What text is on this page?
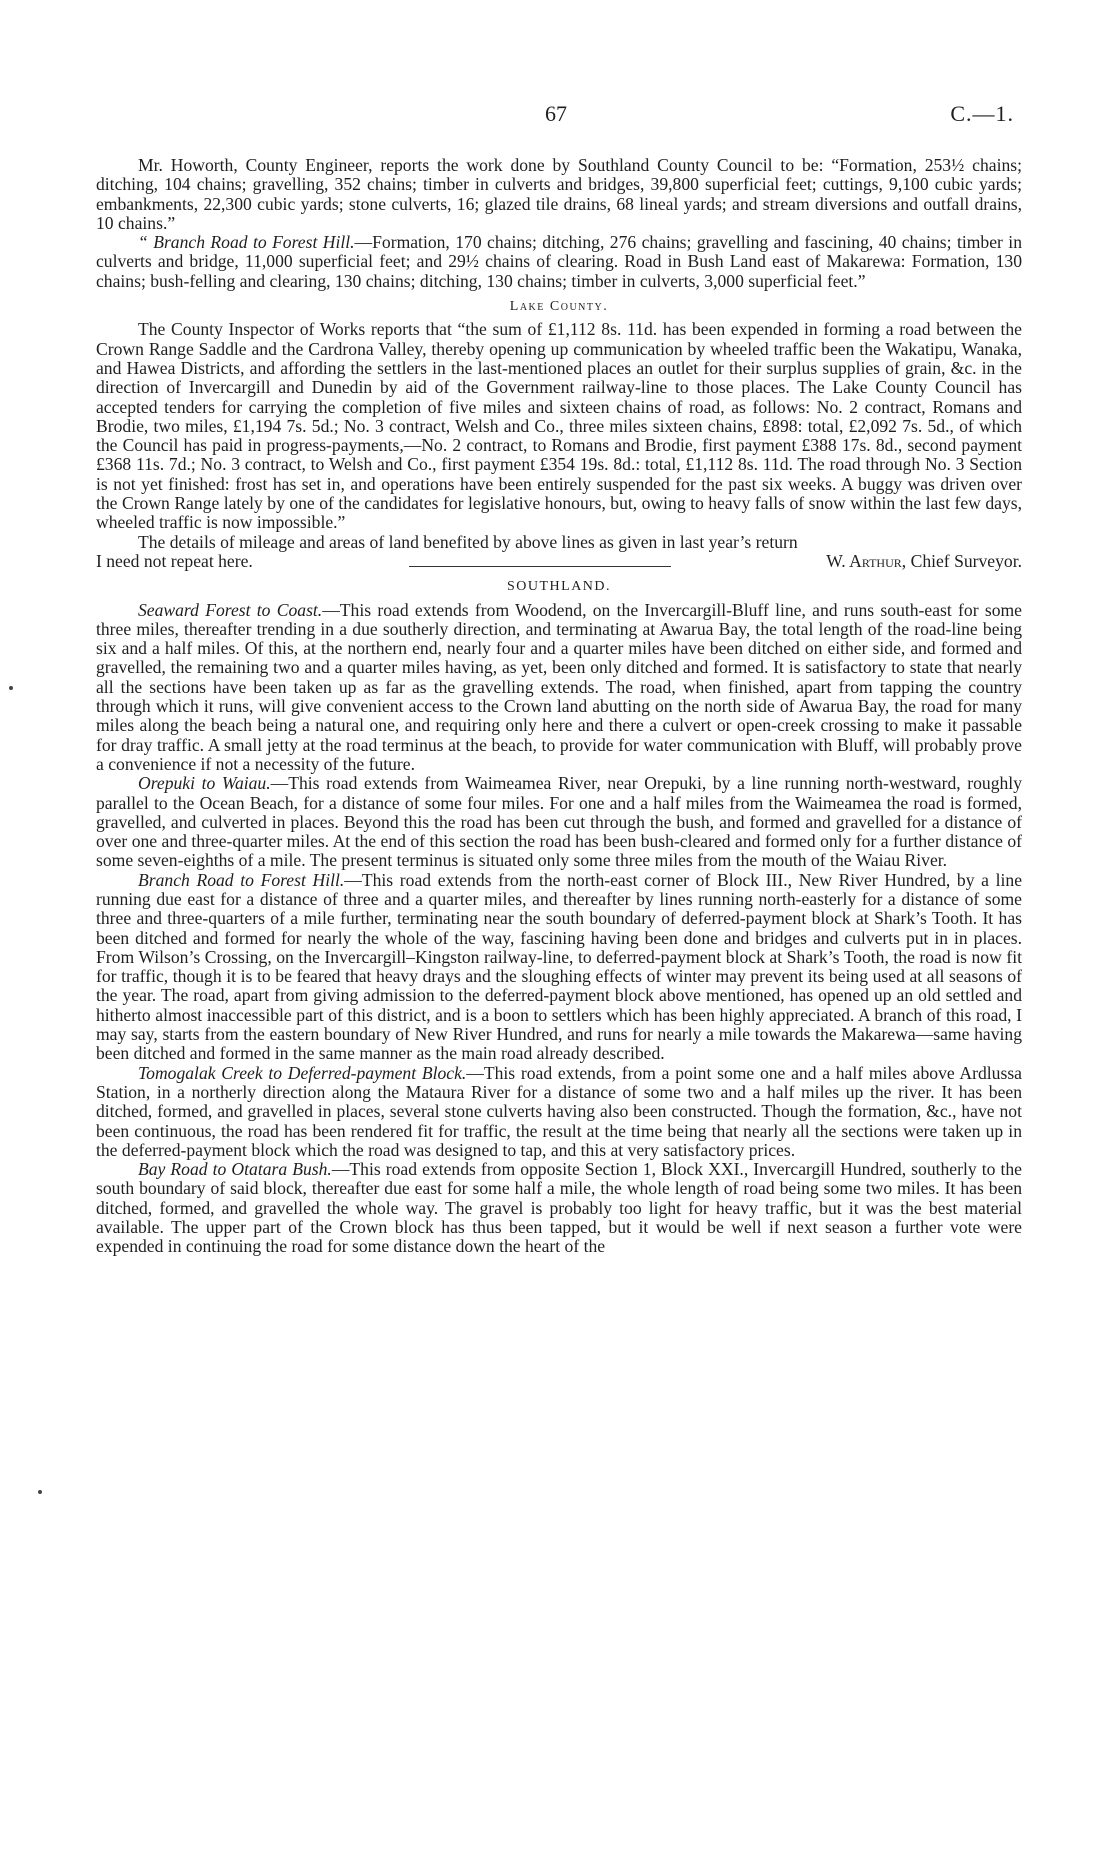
67	C.—1.

Mr. Howorth, County Engineer, reports the work done by Southland County Council to be: “Formation, 253½ chains; ditching, 104 chains; gravelling, 352 chains; timber in culverts and bridges, 39,800 superficial feet; cuttings, 9,100 cubic yards; embankments, 22,300 cubic yards; stone culverts, 16; glazed tile drains, 68 lineal yards; and stream diversions and outfall drains, 10 chains.”

“ Branch Road to Forest Hill.—Formation, 170 chains; ditching, 276 chains; gravelling and fascining, 40 chains; timber in culverts and bridge, 11,000 superficial feet; and 29½ chains of clearing. Road in Bush Land east of Makarewa: Formation, 130 chains; bush-felling and clearing, 130 chains; ditching, 130 chains; timber in culverts, 3,000 superficial feet.”

Lake County.

The County Inspector of Works reports that “the sum of £1,112 8s. 11d. has been expended in forming a road between the Crown Range Saddle and the Cardrona Valley, thereby opening up communication by wheeled traffic been the Wakatipu, Wanaka, and Hawea Districts, and affording the settlers in the last-mentioned places an outlet for their surplus supplies of grain, &c. in the direction of Invercargill and Dunedin by aid of the Government railway-line to those places. The Lake County Council has accepted tenders for carrying the completion of five miles and sixteen chains of road, as follows: No. 2 contract, Romans and Brodie, two miles, £1,194 7s. 5d.; No. 3 contract, Welsh and Co., three miles sixteen chains, £898: total, £2,092 7s. 5d., of which the Council has paid in progress-payments,—No. 2 contract, to Romans and Brodie, first payment £388 17s. 8d., second payment £368 11s. 7d.; No. 3 contract, to Welsh and Co., first payment £354 19s. 8d.: total, £1,112 8s. 11d. The road through No. 3 Section is not yet finished: frost has set in, and operations have been entirely suspended for the past six weeks. A buggy was driven over the Crown Range lately by one of the candidates for legislative honours, but, owing to heavy falls of snow within the last few days, wheeled traffic is now impossible.”

The details of mileage and areas of land benefited by above lines as given in last year’s return

I need not repeat here.	W. Arthur, Chief Surveyor.
SOUTHLAND.

Seaward Forest to Coast.—This road extends from Woodend, on the Invercargill-Bluff line, and runs south-east for some three miles, thereafter trending in a due southerly direction, and terminating at Awarua Bay, the total length of the road-line being six and a half miles. Of this, at the northern end, nearly four and a quarter miles have been ditched on either side, and formed and gravelled, the remaining two and a quarter miles having, as yet, been only ditched and formed. It is satisfactory to state that nearly all the sections have been taken up as far as the gravelling extends. The road, when finished, apart from tapping the country through which it runs, will give convenient access to the Crown land abutting on the north side of Awarua Bay, the road for many miles along the beach being a natural one, and requiring only here and there a culvert or open-creek crossing to make it passable for dray traffic. A small jetty at the road terminus at the beach, to provide for water communication with Bluff, will probably prove a convenience if not a necessity of the future.

Orepuki to Waiau.—This road extends from Waimeamea River, near Orepuki, by a line running north-westward, roughly parallel to the Ocean Beach, for a distance of some four miles. For one and a half miles from the Waimeamea the road is formed, gravelled, and culverted in places. Beyond this the road has been cut through the bush, and formed and gravelled for a distance of over one and three-quarter miles. At the end of this section the road has been bush-cleared and formed only for a further distance of some seven-eighths of a mile. The present terminus is situated only some three miles from the mouth of the Waiau River.

Branch Road to Forest Hill.—This road extends from the north-east corner of Block III., New River Hundred, by a line running due east for a distance of three and a quarter miles, and thereafter by lines running north-easterly for a distance of some three and three-quarters of a mile further, terminating near the south boundary of deferred-payment block at Shark’s Tooth. It has been ditched and formed for nearly the whole of the way, fascining having been done and bridges and culverts put in in places. From Wilson’s Crossing, on the Invercargill–Kingston railway-line, to deferred-payment block at Shark’s Tooth, the road is now fit for traffic, though it is to be feared that heavy drays and the sloughing effects of winter may prevent its being used at all seasons of the year. The road, apart from giving admission to the deferred-payment block above mentioned, has opened up an old settled and hitherto almost inaccessible part of this district, and is a boon to settlers which has been highly appreciated. A branch of this road, I may say, starts from the eastern boundary of New River Hundred, and runs for nearly a mile towards the Makarewa—same having been ditched and formed in the same manner as the main road already described.

Tomogalak Creek to Deferred-payment Block.—This road extends, from a point some one and a half miles above Ardlussa Station, in a northerly direction along the Mataura River for a distance of some two and a half miles up the river. It has been ditched, formed, and gravelled in places, several stone culverts having also been constructed. Though the formation, &c., have not been continuous, the road has been rendered fit for traffic, the result at the time being that nearly all the sections were taken up in the deferred-payment block which the road was designed to tap, and this at very satisfactory prices.

Bay Road to Otatara Bush.—This road extends from opposite Section 1, Block XXI., Invercargill Hundred, southerly to the south boundary of said block, thereafter due east for some half a mile, the whole length of road being some two miles. It has been ditched, formed, and gravelled the whole way. The gravel is probably too light for heavy traffic, but it was the best material available. The upper part of the Crown block has thus been tapped, but it would be well if next season a further vote were expended in continuing the road for some distance down the heart of the
